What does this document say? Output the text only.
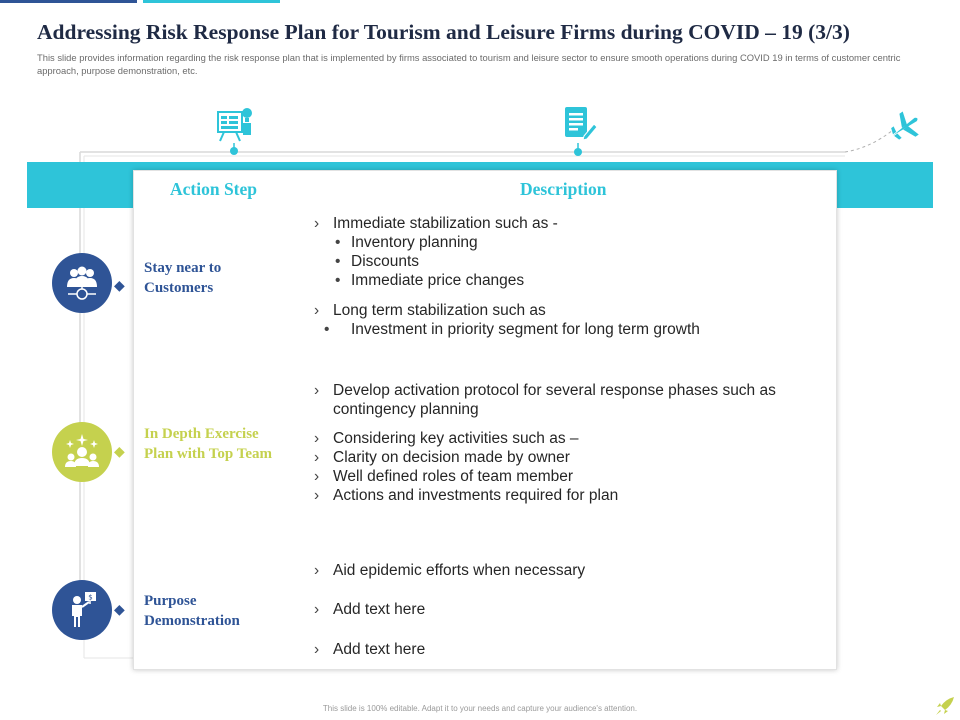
Addressing Risk Response Plan for Tourism and Leisure Firms during COVID – 19 (3/3)
This slide provides information regarding the risk response plan that is implemented by firms associated to tourism and leisure sector to ensure smooth operations during COVID 19 in terms of customer centric approach, purpose demonstration, etc.
Action Step	Description
◆
Stay near to
Customers
› Immediate stabilization such as -
• Inventory planning
• Discounts
• Immediate price changes
› Long term stabilization such as
• Investment in priority segment for long term growth
◆
In Depth Exercise
Plan with Top Team
› Develop activation protocol for several response phases such as
contingency planning
› Considering key activities such as –
› Clarity on decision made by owner
› Well defined roles of team member
› Actions and investments required for plan
$
◆ Purpose
Demonstration
› Aid epidemic efforts when necessary
› Add text here
› Add text here
This slide is 100% editable. Adapt it to your needs and capture your audience's attention.
